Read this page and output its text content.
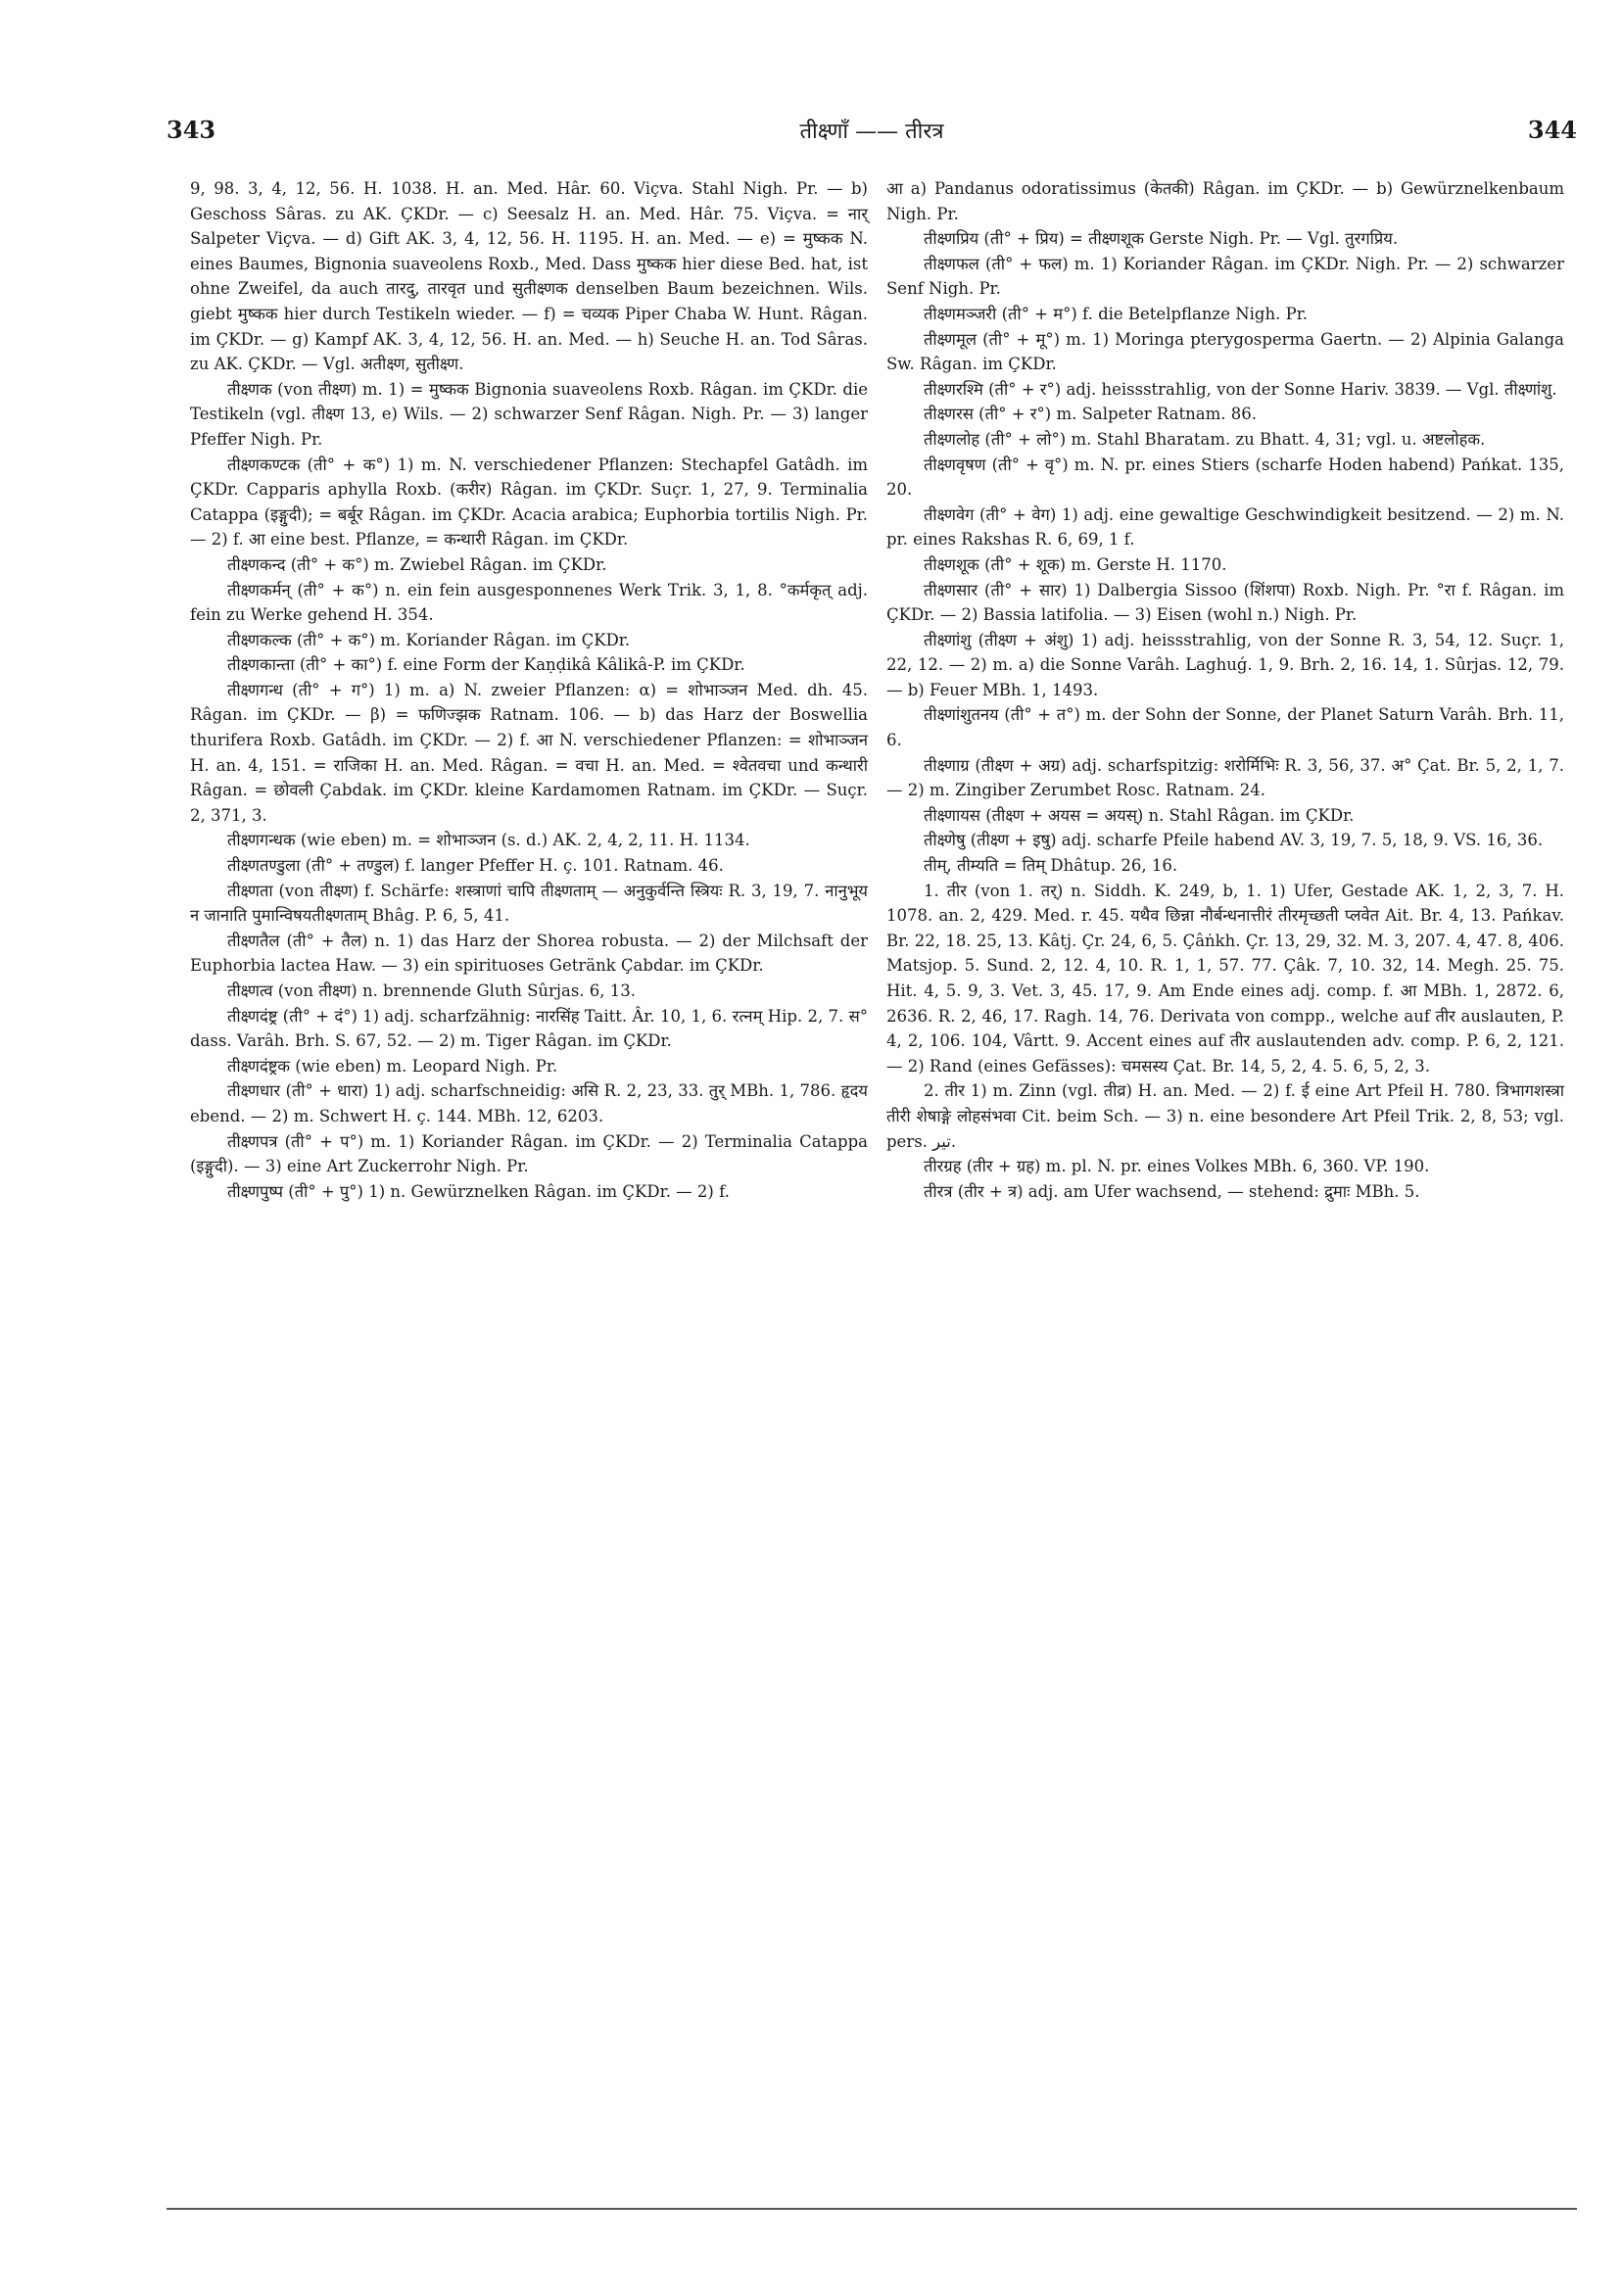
343	तीक्ष्णाँ —— तीरत्र	344

9, 98. 3, 4, 12, 56. H. 1038. H. an. Med. Hâr. 60. Viçva. Stahl Nigh. Pr. — b) Geschoss Sâras. zu AK. ÇKDr. — c) Seesalz H. an. Med. Hâr. 75. Viçva. = नार् Salpeter Viçva. — d) Gift AK. 3, 4, 12, 56. H. 1195. H. an. Med. — e) = मुष्कक N. eines Baumes, Bignonia suaveolens Roxb., Med. Dass मुष्कक hier diese Bed. hat, ist ohne Zweifel, da auch तारदु, तारवृत und सुतीक्ष्णक denselben Baum bezeichnen. Wils. giebt मुष्कक hier durch Testikeln wieder. — f) = चव्यक Piper Chaba W. Hunt. Râgan. im ÇKDr. — g) Kampf AK. 3, 4, 12, 56. H. an. Med. — h) Seuche H. an. Tod Sâras. zu AK. ÇKDr. — Vgl. अतीक्ष्ण, सुतीक्ष्ण.

तीक्ष्णक (von तीक्ष्ण) m. 1) = मुष्कक Bignonia suaveolens Roxb. Râgan. im ÇKDr. die Testikeln (vgl. तीक्ष्ण 13, e) Wils. — 2) schwarzer Senf Râgan. Nigh. Pr. — 3) langer Pfeffer Nigh. Pr.

तीक्ष्णकण्टक (ती° + क°) 1) m. N. verschiedener Pflanzen: Stechapfel Gatâdh. im ÇKDr. Capparis aphylla Roxb. (करीर) Râgan. im ÇKDr. Suçr. 1, 27, 9. Terminalia Catappa (इङ्गुदी); = बर्बूर Râgan. im ÇKDr. Acacia arabica; Euphorbia tortilis Nigh. Pr. — 2) f. आ eine best. Pflanze, = कन्थारी Râgan. im ÇKDr.

तीक्ष्णकन्द (ती° + क°) m. Zwiebel Râgan. im ÇKDr.

तीक्ष्णकर्मन् (ती° + क°) n. ein fein ausgesponnenes Werk Trik. 3, 1, 8. °कर्मकृत् adj. fein zu Werke gehend H. 354.

तीक्ष्णकल्क (ती° + क°) m. Koriander Râgan. im ÇKDr.

तीक्ष्णकान्ता (ती° + का°) f. eine Form der Kaṇḍikâ Kâlikâ-P. im ÇKDr.

तीक्ष्णगन्ध (ती° + ग°) 1) m. a) N. zweier Pflanzen: α) = शोभाञ्जन Med. dh. 45. Râgan. im ÇKDr. — β) = फणिज्झक Ratnam. 106. — b) das Harz der Boswellia thurifera Roxb. Gatâdh. im ÇKDr. — 2) f. आ N. verschiedener Pflanzen: = शोभाञ्जन H. an. 4, 151. = राजिका H. an. Med. Râgan. = वचा H. an. Med. = श्वेतवचा und कन्थारी Râgan. = छोवली Çabdak. im ÇKDr. kleine Kardamomen Ratnam. im ÇKDr. — Suçr. 2, 371, 3.

तीक्ष्णगन्धक (wie eben) m. = शोभाञ्जन (s. d.) AK. 2, 4, 2, 11. H. 1134.

तीक्ष्णतण्डुला (ती° + तण्डुल) f. langer Pfeffer H. ç. 101. Ratnam. 46.

तीक्ष्णता (von तीक्ष्ण) f. Schärfe: शस्त्राणां चापि तीक्ष्णताम् — अनुकुर्वन्ति स्त्रियः R. 3, 19, 7. नानुभूय न जानाति पुमान्विषयतीक्ष्णताम् Bhâg. P. 6, 5, 41.

तीक्ष्णतैल (ती° + तैल) n. 1) das Harz der Shorea robusta. — 2) der Milchsaft der Euphorbia lactea Haw. — 3) ein spirituoses Getränk Çabdar. im ÇKDr.

तीक्ष्णत्व (von तीक्ष्ण) n. brennende Gluth Sûrjas. 6, 13.

तीक्ष्णदंष्ट्र (ती° + दं°) 1) adj. scharfzähnig: नारसिंह Taitt. Âr. 10, 1, 6. रत्नम् Hip. 2, 7. स° dass. Varâh. Brh. S. 67, 52. — 2) m. Tiger Râgan. im ÇKDr.

तीक्ष्णदंष्ट्रक (wie eben) m. Leopard Nigh. Pr.

तीक्ष्णधार (ती° + धारा) 1) adj. scharfschneidig: असि R. 2, 23, 33. तुर् MBh. 1, 786. हृदय ebend. — 2) m. Schwert H. ç. 144. MBh. 12, 6203.

तीक्ष्णपत्र (ती° + प°) m. 1) Koriander Râgan. im ÇKDr. — 2) Terminalia Catappa (इङ्गुदी). — 3) eine Art Zuckerrohr Nigh. Pr.

तीक्ष्णपुष्प (ती° + पु°) 1) n. Gewürznelken Râgan. im ÇKDr. — 2) f.

आ a) Pandanus odoratissimus (केतकी) Râgan. im ÇKDr. — b) Gewürznelkenbaum Nigh. Pr.

तीक्ष्णप्रिय (ती° + प्रिय) = तीक्ष्णशूक Gerste Nigh. Pr. — Vgl. तुरगप्रिय.

तीक्ष्णफल (ती° + फल) m. 1) Koriander Râgan. im ÇKDr. Nigh. Pr. — 2) schwarzer Senf Nigh. Pr.

तीक्ष्णमञ्जरी (ती° + म°) f. die Betelpflanze Nigh. Pr.

तीक्ष्णमूल (ती° + मू°) m. 1) Moringa pterygosperma Gaertn. — 2) Alpinia Galanga Sw. Râgan. im ÇKDr.

तीक्ष्णरश्मि (ती° + र°) adj. heissstrahlig, von der Sonne Hariv. 3839. — Vgl. तीक्ष्णांशु.

तीक्ष्णरस (ती° + र°) m. Salpeter Ratnam. 86.

तीक्ष्णलोह (ती° + लो°) m. Stahl Bharatam. zu Bhatt. 4, 31; vgl. u. अष्टलोहक.

तीक्ष्णवृषण (ती° + वृ°) m. N. pr. eines Stiers (scharfe Hoden habend) Pańkat. 135, 20.

तीक्ष्णवेग (ती° + वेग) 1) adj. eine gewaltige Geschwindigkeit besitzend. — 2) m. N. pr. eines Rakshas R. 6, 69, 1 f.

तीक्ष्णशूक (ती° + शूक) m. Gerste H. 1170.

तीक्ष्णसार (ती° + सार) 1) Dalbergia Sissoo (शिंशपा) Roxb. Nigh. Pr. °रा f. Râgan. im ÇKDr. — 2) Bassia latifolia. — 3) Eisen (wohl n.) Nigh. Pr.

तीक्ष्णांशु (तीक्ष्ण + अंशु) 1) adj. heissstrahlig, von der Sonne R. 3, 54, 12. Suçr. 1, 22, 12. — 2) m. a) die Sonne Varâh. Laghuǵ. 1, 9. Brh. 2, 16. 14, 1. Sûrjas. 12, 79. — b) Feuer MBh. 1, 1493.

तीक्ष्णांशुतनय (ती° + त°) m. der Sohn der Sonne, der Planet Saturn Varâh. Brh. 11, 6.

तीक्ष्णाग्र (तीक्ष्ण + अग्र) adj. scharfspitzig: शरोर्मिभिः R. 3, 56, 37. अ° Çat. Br. 5, 2, 1, 7. — 2) m. Zingiber Zerumbet Rosc. Ratnam. 24.

तीक्ष्णायस (तीक्ष्ण + अयस = अयस्) n. Stahl Râgan. im ÇKDr.

तीक्ष्णेषु (तीक्ष्ण + इषु) adj. scharfe Pfeile habend AV. 3, 19, 7. 5, 18, 9. VS. 16, 36.

तीम्, तीम्यति = तिम् Dhâtup. 26, 16.

1. तीर (von 1. तर्) n. Siddh. K. 249, b, 1. 1) Ufer, Gestade AK. 1, 2, 3, 7. H. 1078. an. 2, 429. Med. r. 45. यथैव छिन्ना नौर्बन्धनात्तीरं तीरमृच्छती प्लवेत Ait. Br. 4, 13. Pańkav. Br. 22, 18. 25, 13. Kâtj. Çr. 24, 6, 5. Çâṅkh. Çr. 13, 29, 32. M. 3, 207. 4, 47. 8, 406. Matsjop. 5. Sund. 2, 12. 4, 10. R. 1, 1, 57. 77. Çâk. 7, 10. 32, 14. Megh. 25. 75. Hit. 4, 5. 9, 3. Vet. 3, 45. 17, 9. Am Ende eines adj. comp. f. आ MBh. 1, 2872. 6, 2636. R. 2, 46, 17. Ragh. 14, 76. Derivata von compp., welche auf तीर auslauten, P. 4, 2, 106. 104, Vârtt. 9. Accent eines auf तीर auslautenden adv. comp. P. 6, 2, 121. — 2) Rand (eines Gefässes): चमसस्य Çat. Br. 14, 5, 2, 4. 5. 6, 5, 2, 3.

2. तीर 1) m. Zinn (vgl. तीव्र) H. an. Med. — 2) f. ई eine Art Pfeil H. 780. त्रिभागशस्त्रा तीरी शेषाङ्गे लोहसंभवा Cit. beim Sch. — 3) n. eine besondere Art Pfeil Trik. 2, 8, 53; vgl. pers. تیر.

तीरग्रह (तीर + ग्रह) m. pl. N. pr. eines Volkes MBh. 6, 360. VP. 190.

तीरत्र (तीर + त्र) adj. am Ufer wachsend, — stehend: द्रुमाः MBh. 5.
